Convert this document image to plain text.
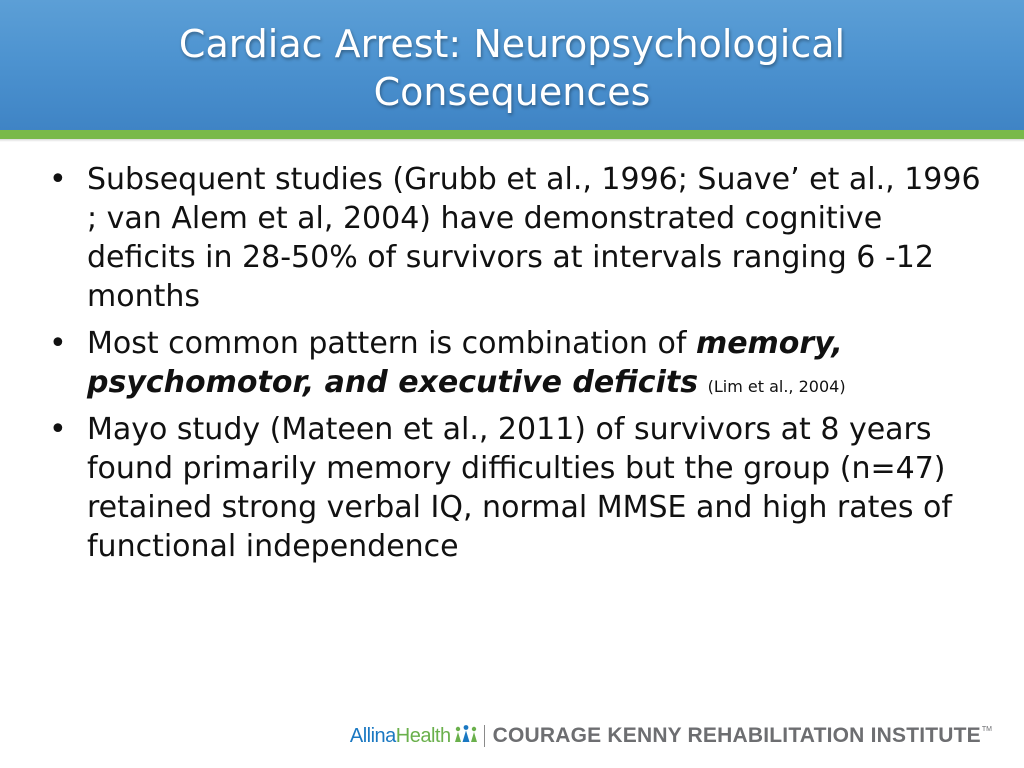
Cardiac Arrest: Neuropsychological
Consequences
• Subsequent studies (Grubb et al., 1996; Suave’ et al., 1996 ; van Alem et al, 2004) have demonstrated cognitive deficits in 28-50% of survivors at intervals ranging 6 -12 months
• Most common pattern is combination of memory, psychomotor, and executive deficits (Lim et al., 2004)
• Mayo study (Mateen et al., 2011) of survivors at 8 years found primarily memory difficulties but the group (n=47) retained strong verbal IQ, normal MMSE and high rates of functional independence
Allina Health COURAGE KENNY REHABILITATION INSTITUTE TM
